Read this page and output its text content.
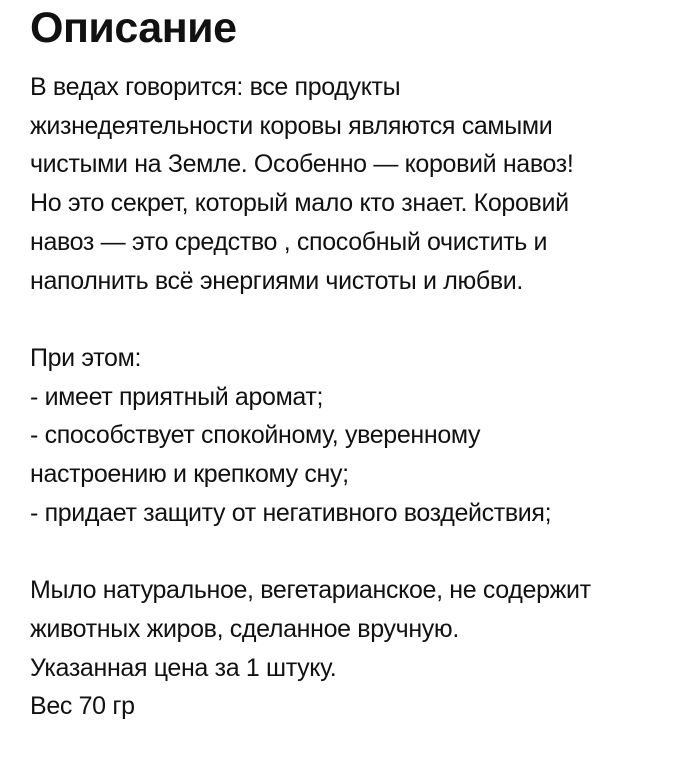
Описание

В ведах говорится: все продукты
жизнедеятельности коровы являются самыми
чистыми на Земле. Особенно — коровий навоз!
Но это секрет, который мало кто знает. Коровий
навоз — это средство , способный очистить и
наполнить всё энергиями чистоты и любви.

При этом:
- имеет приятный аромат;
- способствует спокойному, уверенному
настроению и крепкому сну;
- придает защиту от негативного воздействия;

Мыло натуральное, вегетарианское, не содержит
животных жиров, сделанное вручную.
Указанная цена за 1 штуку.
Вес 70 гр
